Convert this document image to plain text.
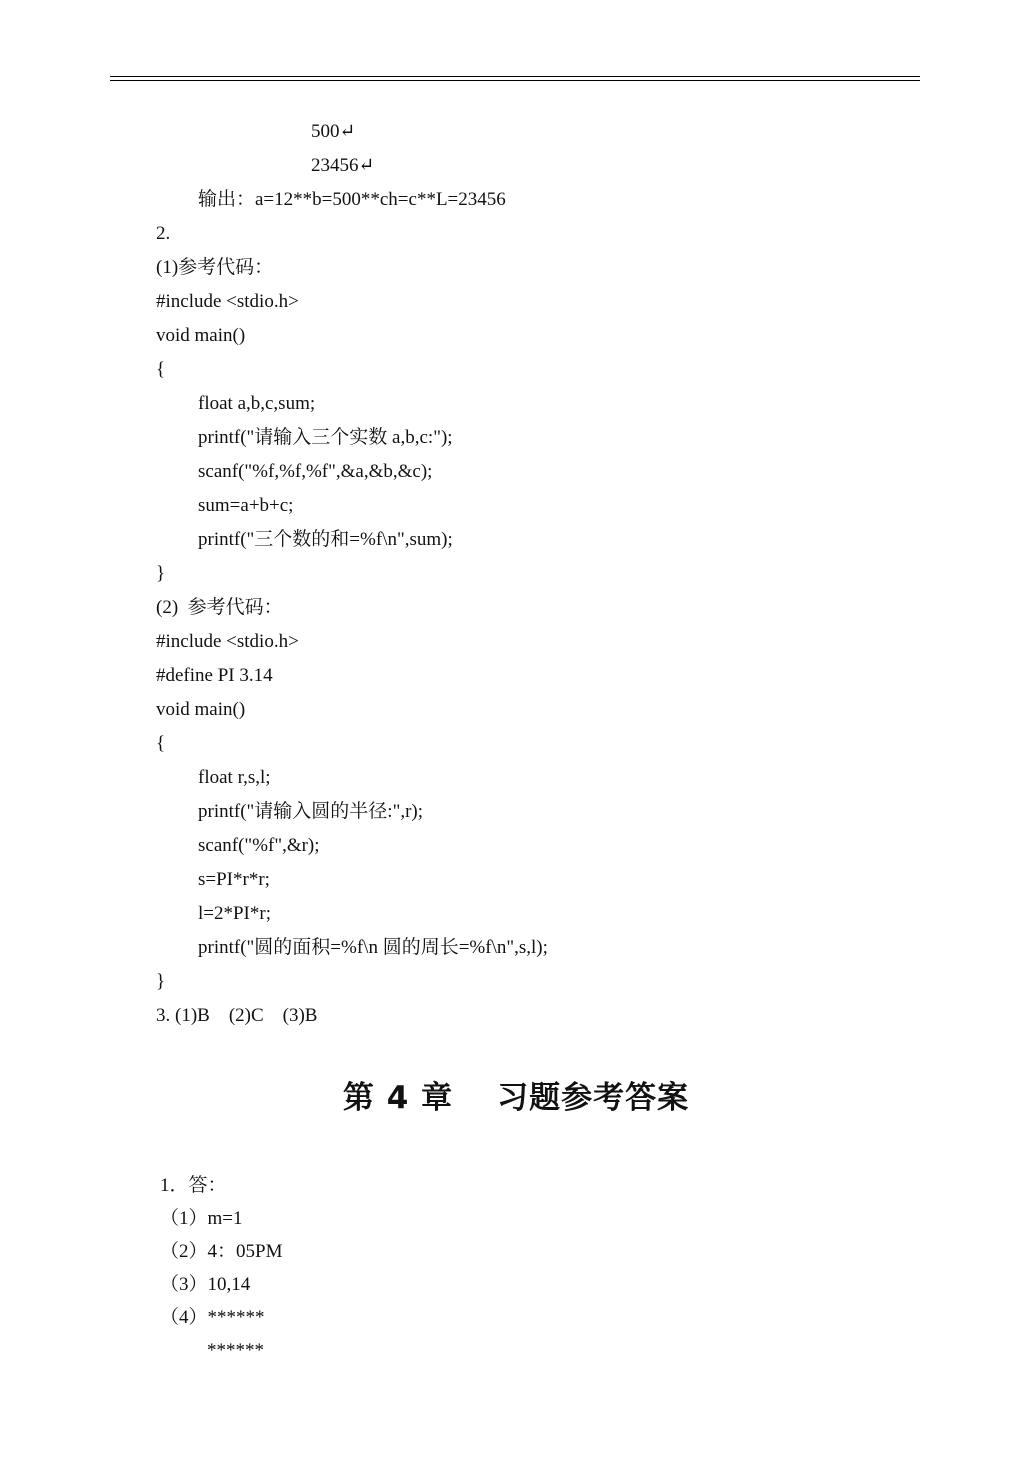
500↵
23456↵
输出：a=12**b=500**ch=c**L=23456
2.
(1)参考代码：
#include <stdio.h>
void main()
{
float a,b,c,sum;
printf("请输入三个实数 a,b,c:");
scanf("%f,%f,%f",&a,&b,&c);
sum=a+b+c;
printf("三个数的和=%f\n",sum);
}
(2)  参考代码：
#include <stdio.h>
#define PI 3.14
void main()
{
float r,s,l;
printf("请输入圆的半径:",r);
scanf("%f",&r);
s=PI*r*r;
l=2*PI*r;
printf("圆的面积=%f\n 圆的周长=%f\n",s,l);
}
3. (1)B    (2)C    (3)B
第 4 章 习题参考答案
1．答：
（1）m=1
（2）4：05PM
（3）10,14
（4）******
******
